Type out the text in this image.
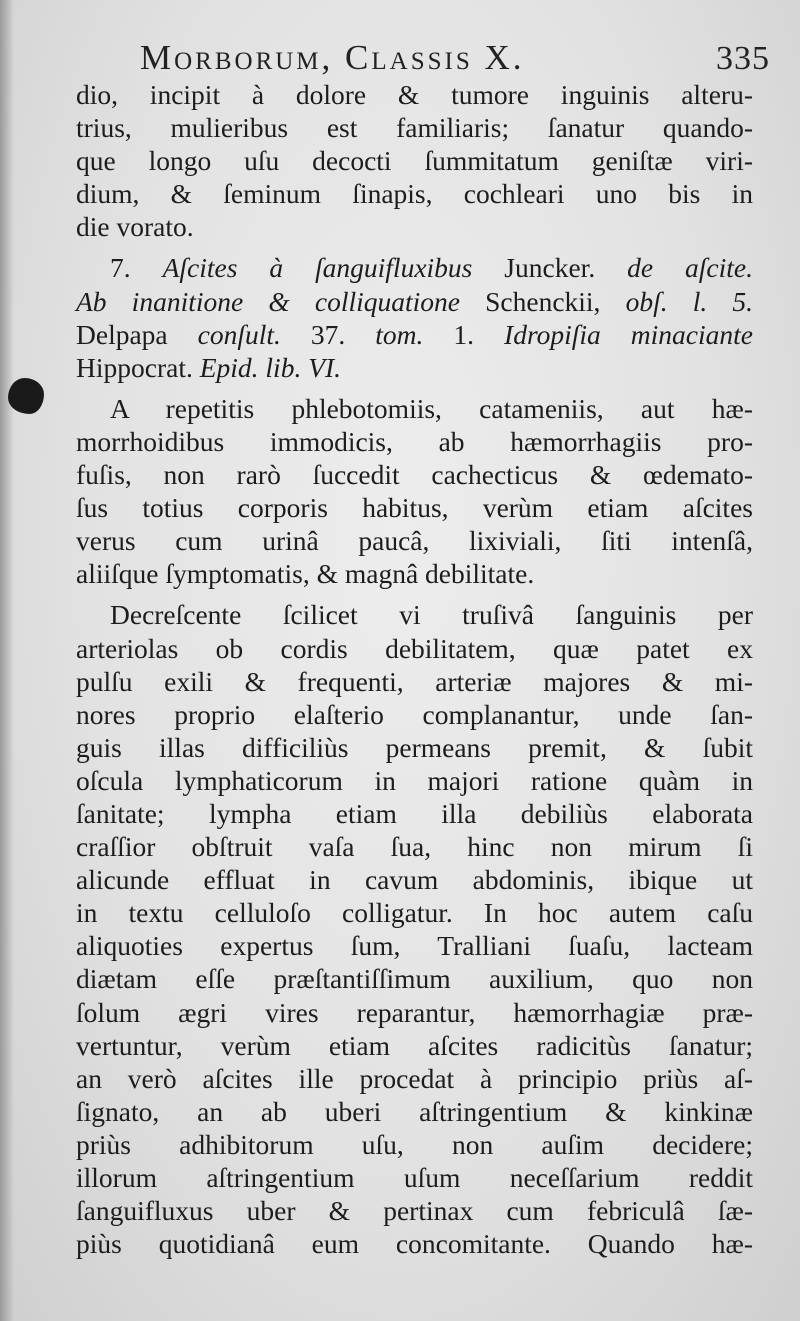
Morborum, Classis X.	335
dio, incipit à dolore & tumore inguinis alteru-
trius, mulieribus est familiaris; ſanatur quando-
que longo uſu decocti ſummitatum geniſtæ viri-
dium, & ſeminum ſinapis, cochleari uno bis in
die vorato.
7. Aſcites à ſanguifluxibus Juncker. de aſcite.
Ab inanitione & colliquatione Schenckii, obſ. l. 5.
Delpapa conſult. 37. tom. 1. Idropiſia minaciante
Hippocrat. Epid. lib. VI.
A repetitis phlebotomiis, catameniis, aut hæ-
morrhoidibus immodicis, ab hæmorrhagiis pro-
fuſis, non rarò ſuccedit cachecticus & œdemato-
ſus totius corporis habitus, verùm etiam aſcites
verus cum urinâ paucâ, lixiviali, ſiti intenſâ,
aliiſque ſymptomatis, & magnâ debilitate.
Decreſcente ſcilicet vi truſivâ ſanguinis per
arteriolas ob cordis debilitatem, quæ patet ex
pulſu exili & frequenti, arteriæ majores & mi-
nores proprio elaſterio complanantur, unde ſan-
guis illas difficiliùs permeans premit, & ſubit
oſcula lymphaticorum in majori ratione quàm in
ſanitate; lympha etiam illa debiliùs elaborata
craſſior obſtruit vaſa ſua, hinc non mirum ſi
alicunde effluat in cavum abdominis, ibique ut
in textu celluloſo colligatur. In hoc autem caſu
aliquoties expertus ſum, Tralliani ſuaſu, lacteam
diætam eſſe præſtantiſſimum auxilium, quo non
ſolum ægri vires reparantur, hæmorrhagiæ præ-
vertuntur, verùm etiam aſcites radicitùs ſanatur;
an verò aſcites ille procedat à principio priùs aſ-
ſignato, an ab uberi aſtringentium & kinkinæ
priùs adhibitorum uſu, non auſim decidere;
illorum aſtringentium uſum neceſſarium reddit
ſanguifluxus uber & pertinax cum febriculâ ſæ-
piùs quotidianâ eum concomitante. Quando hæ-
